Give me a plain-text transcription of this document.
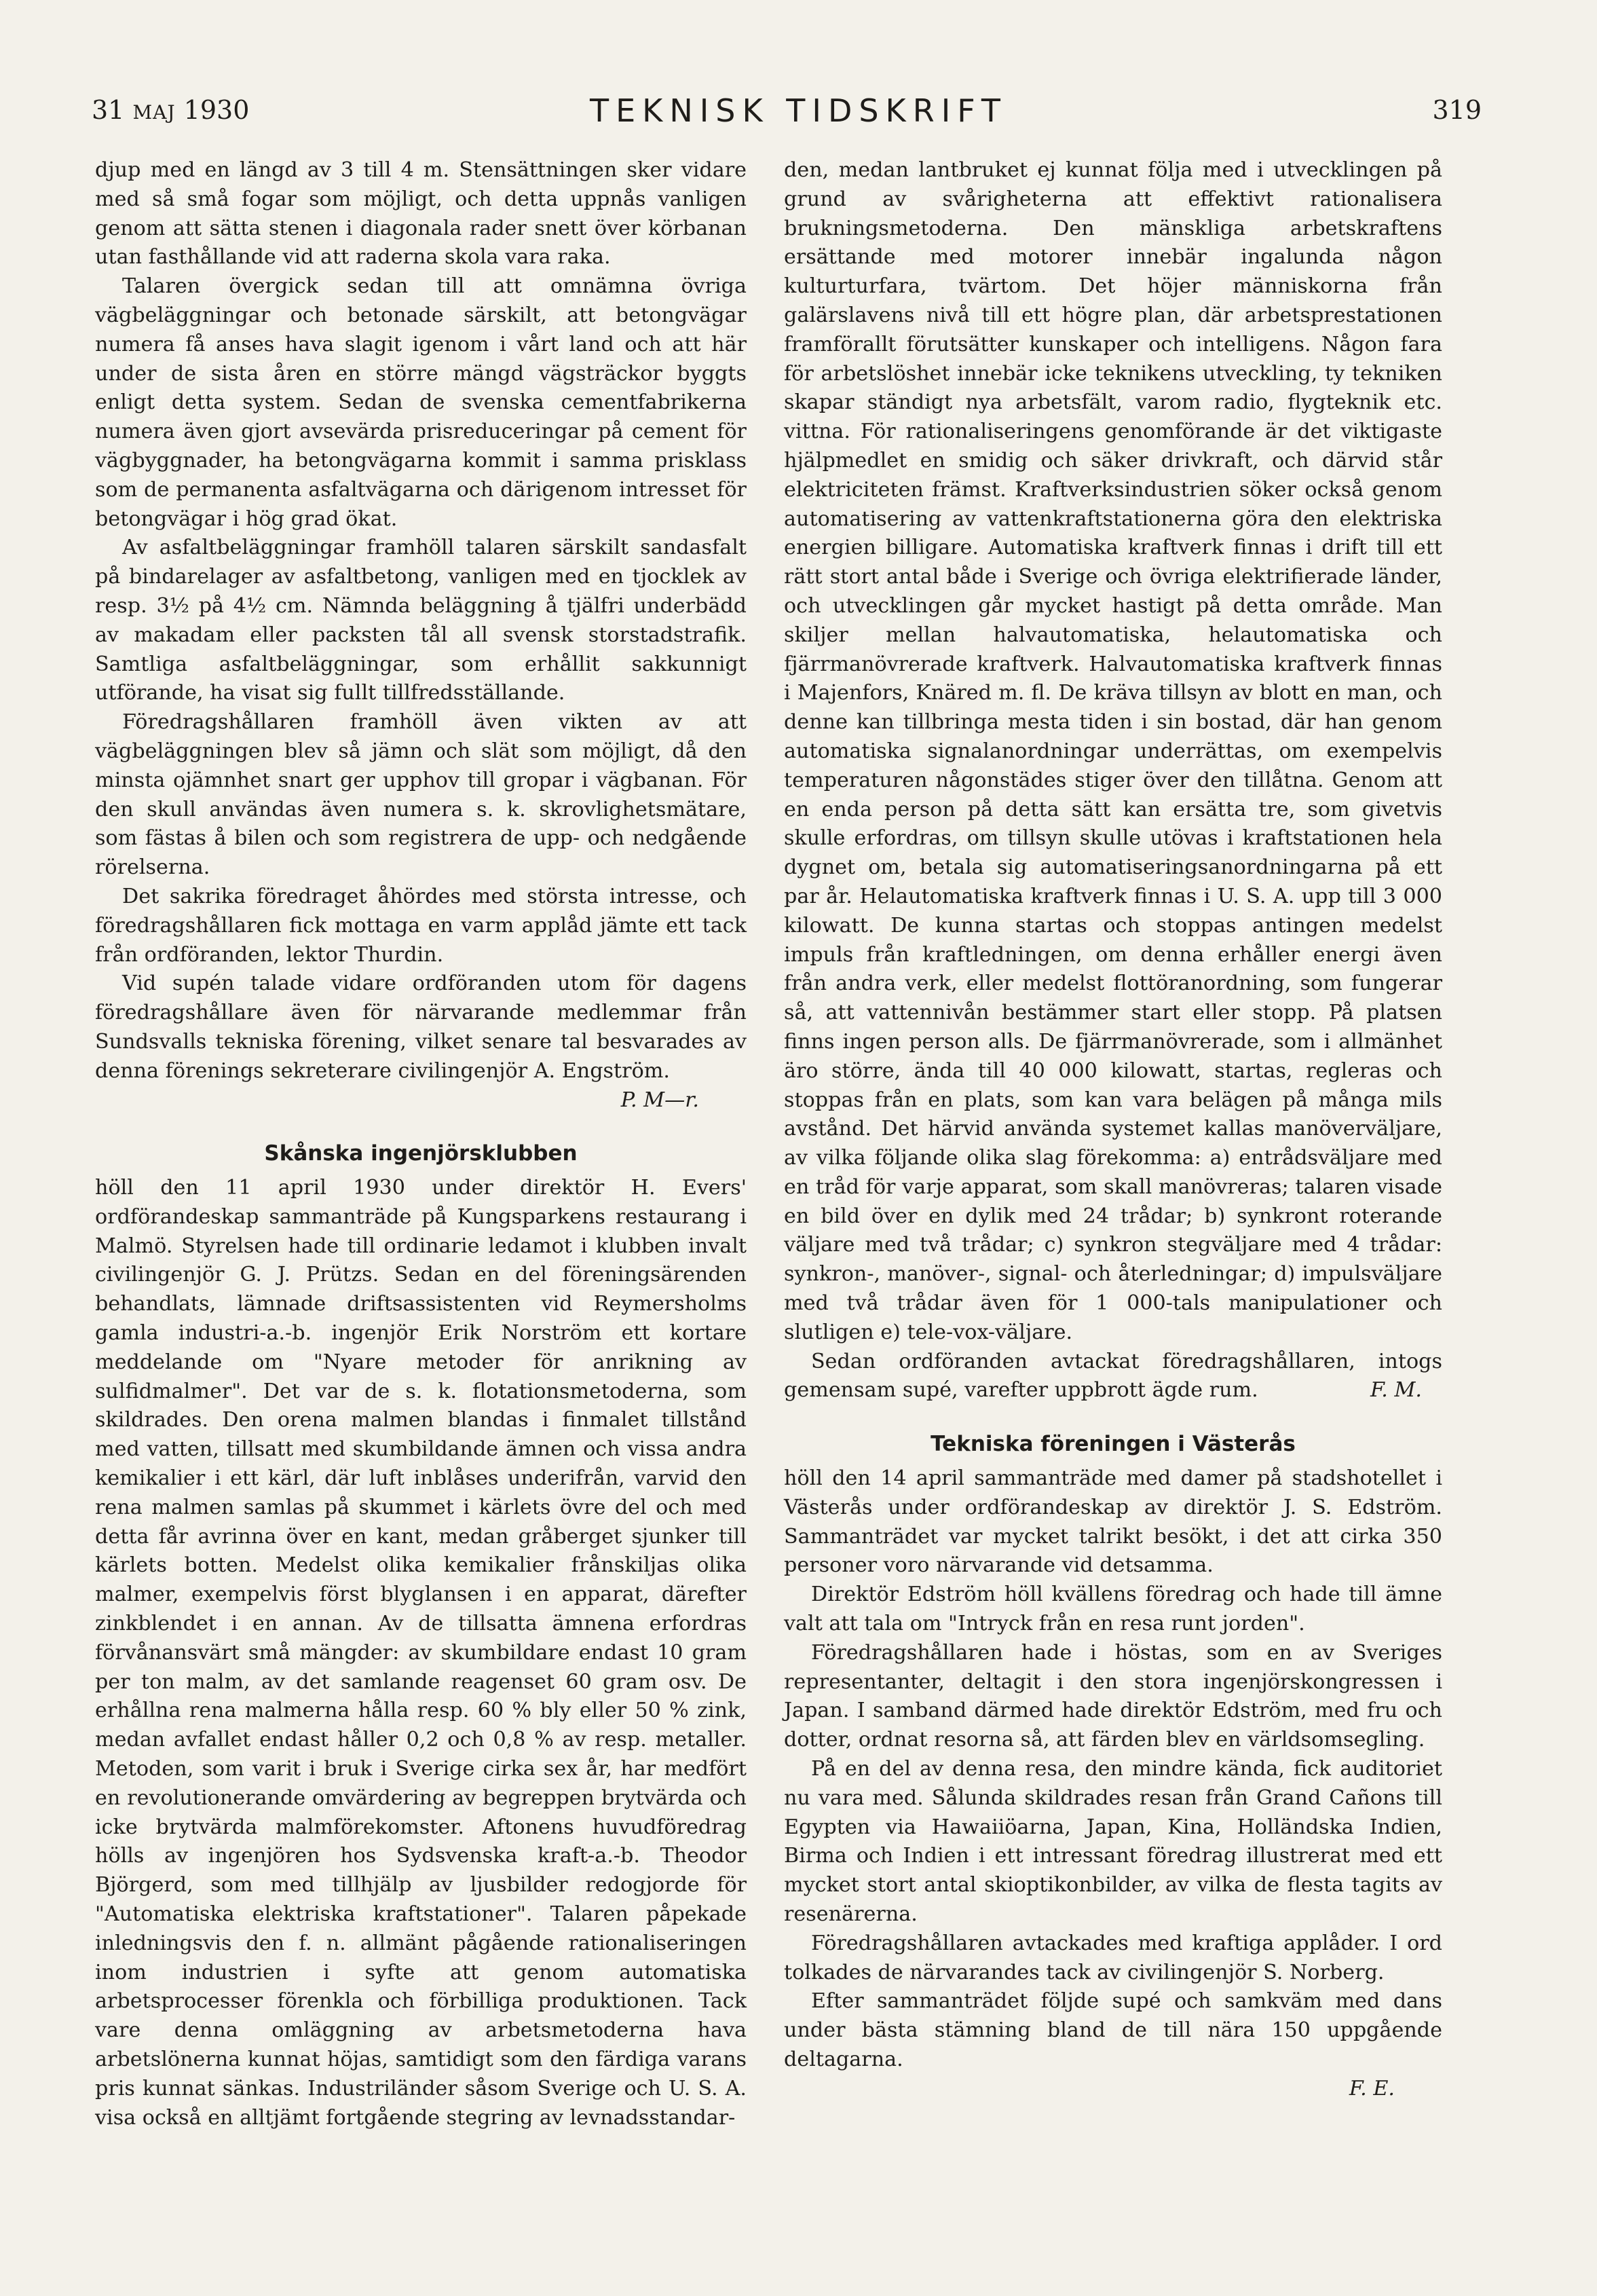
31 MAJ 1930	TEKNISK TIDSKRIFT	319

djup med en längd av 3 till 4 m. Stensättningen sker vidare med så små fogar som möjligt, och detta uppnås vanligen genom att sätta stenen i diagonala rader snett över körbanan utan fasthållande vid att raderna skola vara raka.

Talaren övergick sedan till att omnämna övriga vägbeläggningar och betonade särskilt, att betongvägar numera få anses hava slagit igenom i vårt land och att här under de sista åren en större mängd vägsträckor byggts enligt detta system. Sedan de svenska cementfabrikerna numera även gjort avsevärda prisreduceringar på cement för vägbyggnader, ha betongvägarna kommit i samma prisklass som de permanenta asfaltvägarna och därigenom intresset för betongvägar i hög grad ökat.

Av asfaltbeläggningar framhöll talaren särskilt sandasfalt på bindarelager av asfaltbetong, vanligen med en tjocklek av resp. 3½ på 4½ cm. Nämnda beläggning å tjälfri underbädd av makadam eller packsten tål all svensk storstadstrafik. Samtliga asfaltbeläggningar, som erhållit sakkunnigt utförande, ha visat sig fullt tillfredsställande.

Föredragshållaren framhöll även vikten av att vägbeläggningen blev så jämn och slät som möjligt, då den minsta ojämnhet snart ger upphov till gropar i vägbanan. För den skull användas även numera s. k. skrovlighetsmätare, som fästas å bilen och som registrera de upp- och nedgående rörelserna.

Det sakrika föredraget åhördes med största intresse, och föredragshållaren fick mottaga en varm applåd jämte ett tack från ordföranden, lektor Thurdin.

Vid supén talade vidare ordföranden utom för dagens föredragshållare även för närvarande medlemmar från Sundsvalls tekniska förening, vilket senare tal besvarades av denna förenings sekreterare civilingenjör A. Engström.

P. M—r.

Skånska ingenjörsklubben

höll den 11 april 1930 under direktör H. Evers' ordförandeskap sammanträde på Kungsparkens restaurang i Malmö. Styrelsen hade till ordinarie ledamot i klubben invalt civilingenjör G. J. Prützs. Sedan en del föreningsärenden behandlats, lämnade driftsassistenten vid Reymersholms gamla industri-a.-b. ingenjör Erik Norström ett kortare meddelande om "Nyare metoder för anrikning av sulfidmalmer". Det var de s. k. flotationsmetoderna, som skildrades. Den orena malmen blandas i finmalet tillstånd med vatten, tillsatt med skumbildande ämnen och vissa andra kemikalier i ett kärl, där luft inblåses underifrån, varvid den rena malmen samlas på skummet i kärlets övre del och med detta får avrinna över en kant, medan gråberget sjunker till kärlets botten. Medelst olika kemikalier frånskiljas olika malmer, exempelvis först blyglansen i en apparat, därefter zinkblendet i en annan. Av de tillsatta ämnena erfordras förvånansvärt små mängder: av skumbildare endast 10 gram per ton malm, av det samlande reagenset 60 gram osv. De erhållna rena malmerna hålla resp. 60 % bly eller 50 % zink, medan avfallet endast håller 0,2 och 0,8 % av resp. metaller. Metoden, som varit i bruk i Sverige cirka sex år, har medfört en revolutionerande omvärdering av begreppen brytvärda och icke brytvärda malmförekomster. Aftonens huvudföredrag hölls av ingenjören hos Sydsvenska kraft-a.-b. Theodor Björgerd, som med tillhjälp av ljusbilder redogjorde för "Automatiska elektriska kraftstationer". Talaren påpekade inledningsvis den f. n. allmänt pågående rationaliseringen inom industrien i syfte att genom automatiska arbetsprocesser förenkla och förbilliga produktionen. Tack vare denna omläggning av arbetsmetoderna hava arbetslönerna kunnat höjas, samtidigt som den färdiga varans pris kunnat sänkas. Industriländer såsom Sverige och U. S. A. visa också en alltjämt fortgående stegring av levnadsstandar-

den, medan lantbruket ej kunnat följa med i utvecklingen på grund av svårigheterna att effektivt rationalisera brukningsmetoderna. Den mänskliga arbetskraftens ersättande med motorer innebär ingalunda någon kulturturfara, tvärtom. Det höjer människorna från galärslavens nivå till ett högre plan, där arbetsprestationen framförallt förutsätter kunskaper och intelligens. Någon fara för arbetslöshet innebär icke teknikens utveckling, ty tekniken skapar ständigt nya arbetsfält, varom radio, flygteknik etc. vittna. För rationaliseringens genomförande är det viktigaste hjälpmedlet en smidig och säker drivkraft, och därvid står elektriciteten främst. Kraftverksindustrien söker också genom automatisering av vattenkraftstationerna göra den elektriska energien billigare. Automatiska kraftverk finnas i drift till ett rätt stort antal både i Sverige och övriga elektrifierade länder, och utvecklingen går mycket hastigt på detta område. Man skiljer mellan halvautomatiska, helautomatiska och fjärrmanövrerade kraftverk. Halvautomatiska kraftverk finnas i Majenfors, Knäred m. fl. De kräva tillsyn av blott en man, och denne kan tillbringa mesta tiden i sin bostad, där han genom automatiska signalanordningar underrättas, om exempelvis temperaturen någonstädes stiger över den tillåtna. Genom att en enda person på detta sätt kan ersätta tre, som givetvis skulle erfordras, om tillsyn skulle utövas i kraftstationen hela dygnet om, betala sig automatiseringsanordningarna på ett par år. Helautomatiska kraftverk finnas i U. S. A. upp till 3 000 kilowatt. De kunna startas och stoppas antingen medelst impuls från kraftledningen, om denna erhåller energi även från andra verk, eller medelst flottöranordning, som fungerar så, att vattennivån bestämmer start eller stopp. På platsen finns ingen person alls. De fjärrmanövrerade, som i allmänhet äro större, ända till 40 000 kilowatt, startas, regleras och stoppas från en plats, som kan vara belägen på många mils avstånd. Det härvid använda systemet kallas manöverväljare, av vilka följande olika slag förekomma: a) entrådsväljare med en tråd för varje apparat, som skall manövreras; talaren visade en bild över en dylik med 24 trådar; b) synkront roterande väljare med två trådar; c) synkron stegväljare med 4 trådar: synkron-, manöver-, signal- och återledningar; d) impulsväljare med två trådar även för 1 000-tals manipulationer och slutligen e) tele-vox-väljare.

Sedan ordföranden avtackat föredragshållaren, intogs gemensam supé, varefter uppbrott ägde rum.	F. M.

Tekniska föreningen i Västerås

höll den 14 april sammanträde med damer på stadshotellet i Västerås under ordförandeskap av direktör J. S. Edström. Sammanträdet var mycket talrikt besökt, i det att cirka 350 personer voro närvarande vid detsamma.

Direktör Edström höll kvällens föredrag och hade till ämne valt att tala om "Intryck från en resa runt jorden".

Föredragshållaren hade i höstas, som en av Sveriges representanter, deltagit i den stora ingenjörskongressen i Japan. I samband därmed hade direktör Edström, med fru och dotter, ordnat resorna så, att färden blev en världsomsegling.

På en del av denna resa, den mindre kända, fick auditoriet nu vara med. Sålunda skildrades resan från Grand Cañons till Egypten via Hawaiiöarna, Japan, Kina, Holländska Indien, Birma och Indien i ett intressant föredrag illustrerat med ett mycket stort antal skioptikonbilder, av vilka de flesta tagits av resenärerna.

Föredragshållaren avtackades med kraftiga applåder. I ord tolkades de närvarandes tack av civilingenjör S. Norberg.

Efter sammanträdet följde supé och samkväm med dans under bästa stämning bland de till nära 150 uppgående deltagarna.

F. E.
